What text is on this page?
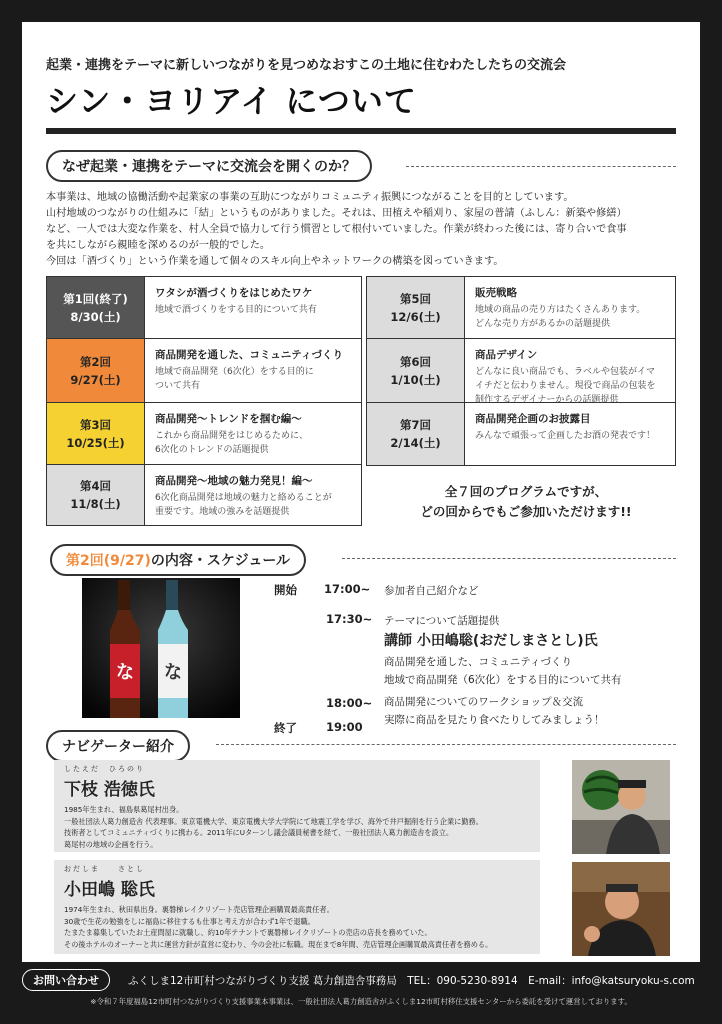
起業・連携をテーマに新しいつながりを見つめなおすこの土地に住むわたしたちの交流会
シン・ヨリアイ について
なぜ起業・連携をテーマに交流会を開くのか？

本事業は、地域の協働活動や起業家の事業の互助につながりコミュニティ振興につながることを目的としています。

山村地域のつながりの仕組みに「結」というものがありました。それは、田植えや稲刈り、家屋の普請（ふしん：新築や修繕）

など、一人では大変な作業を、村人全員で協力して行う慣習として根付いていました。作業が終わった後には、寄り合いで食事

を共にしながら親睦を深めるのが一般的でした。

今回は「酒づくり」という作業を通して個々のスキル向上やネットワークの構築を図っていきます。

第1回(終了)
8/30(土)
ワタシが酒づくりをはじめたワケ
地域で酒づくりをする目的について共有
第2回
9/27(土)
商品開発を通した、コミュニティづくり
地域で商品開発（6次化）をする目的に
ついて共有
第3回
10/25(土)
商品開発～トレンドを掴む編～
これから商品開発をはじめるために、
6次化のトレンドの話題提供
第4回
11/8(土)
商品開発～地域の魅力発見！編～
6次化商品開発は地域の魅力と絡めることが
重要です。地域の強みを話題提供
第5回
12/6(土)
販売戦略
地域の商品の売り方はたくさんあります。
どんな売り方があるかの話題提供
第6回
1/10(土)
商品デザイン
どんなに良い商品でも、ラベルや包装がイマ
イチだと伝わりません。現役で商品の包装を
制作するデザイナーからの話題提供
第7回
2/14(土)
商品開発企画のお披露目
みんなで頑張って企画したお酒の発表です！
全７回のプログラムですが、
どの回からでもご参加いただけます!!
第2回(9/27)の内容・スケジュール
な な
開始 17:00~ 参加者自己紹介など
17:30~ テーマについて話題提供
講師 小田嶋聡(おだしまさとし)氏
商品開発を通した、コミュニティづくり
地域で商品開発（6次化）をする目的について共有
18:00~ 商品開発についてのワークショップ＆交流
実際に商品を見たり食べたりしてみましょう！
終了	19:00
ナビゲーター紹介
したえだ　ひろのり
下枝 浩徳氏

1985年生まれ、福島県葛尾村出身。

一般社団法人葛力創造舎 代表理事。東京電機大学、東京電機大学大学院にて地震工学を学び、海外で井戸掘削を行う企業に勤務。

技術者としてコミュニティづくりに携わる。2011年にUターンし議会議員秘書を経て、一般社団法人葛力創造舎を設立。

葛尾村の地域の企画を行う。

おだしま　　さとし
小田嶋 聡氏

1974年生まれ、秋田県出身。裏磐梯レイクリゾート売店管理企画購買最高責任者。

30歳で生花の勉強をしに福島に移住するも仕事と考え方が合わず1年で退職。

たまたま募集していたお土産問屋に就職し、約10年テナントで裏磐梯レイクリゾートの売店の店長を務めていた。

その後ホテルのオーナーと共に運営方針が直営に変わり、今の会社に転職。現在まで8年間、売店管理企画購買最高責任者を務める。

お問い合わせ	ふくしま12市町村つながりづくり支援 葛力創造舎事務局　TEL：090-5230-8914　E-mail：info@katsuryoku-s.com
※令和７年度福島12市町村つながりづくり支援事業本事業は、一般社団法人葛力創造舎がふくしま12市町村移住支援センターから委託を受けて運営しております。
